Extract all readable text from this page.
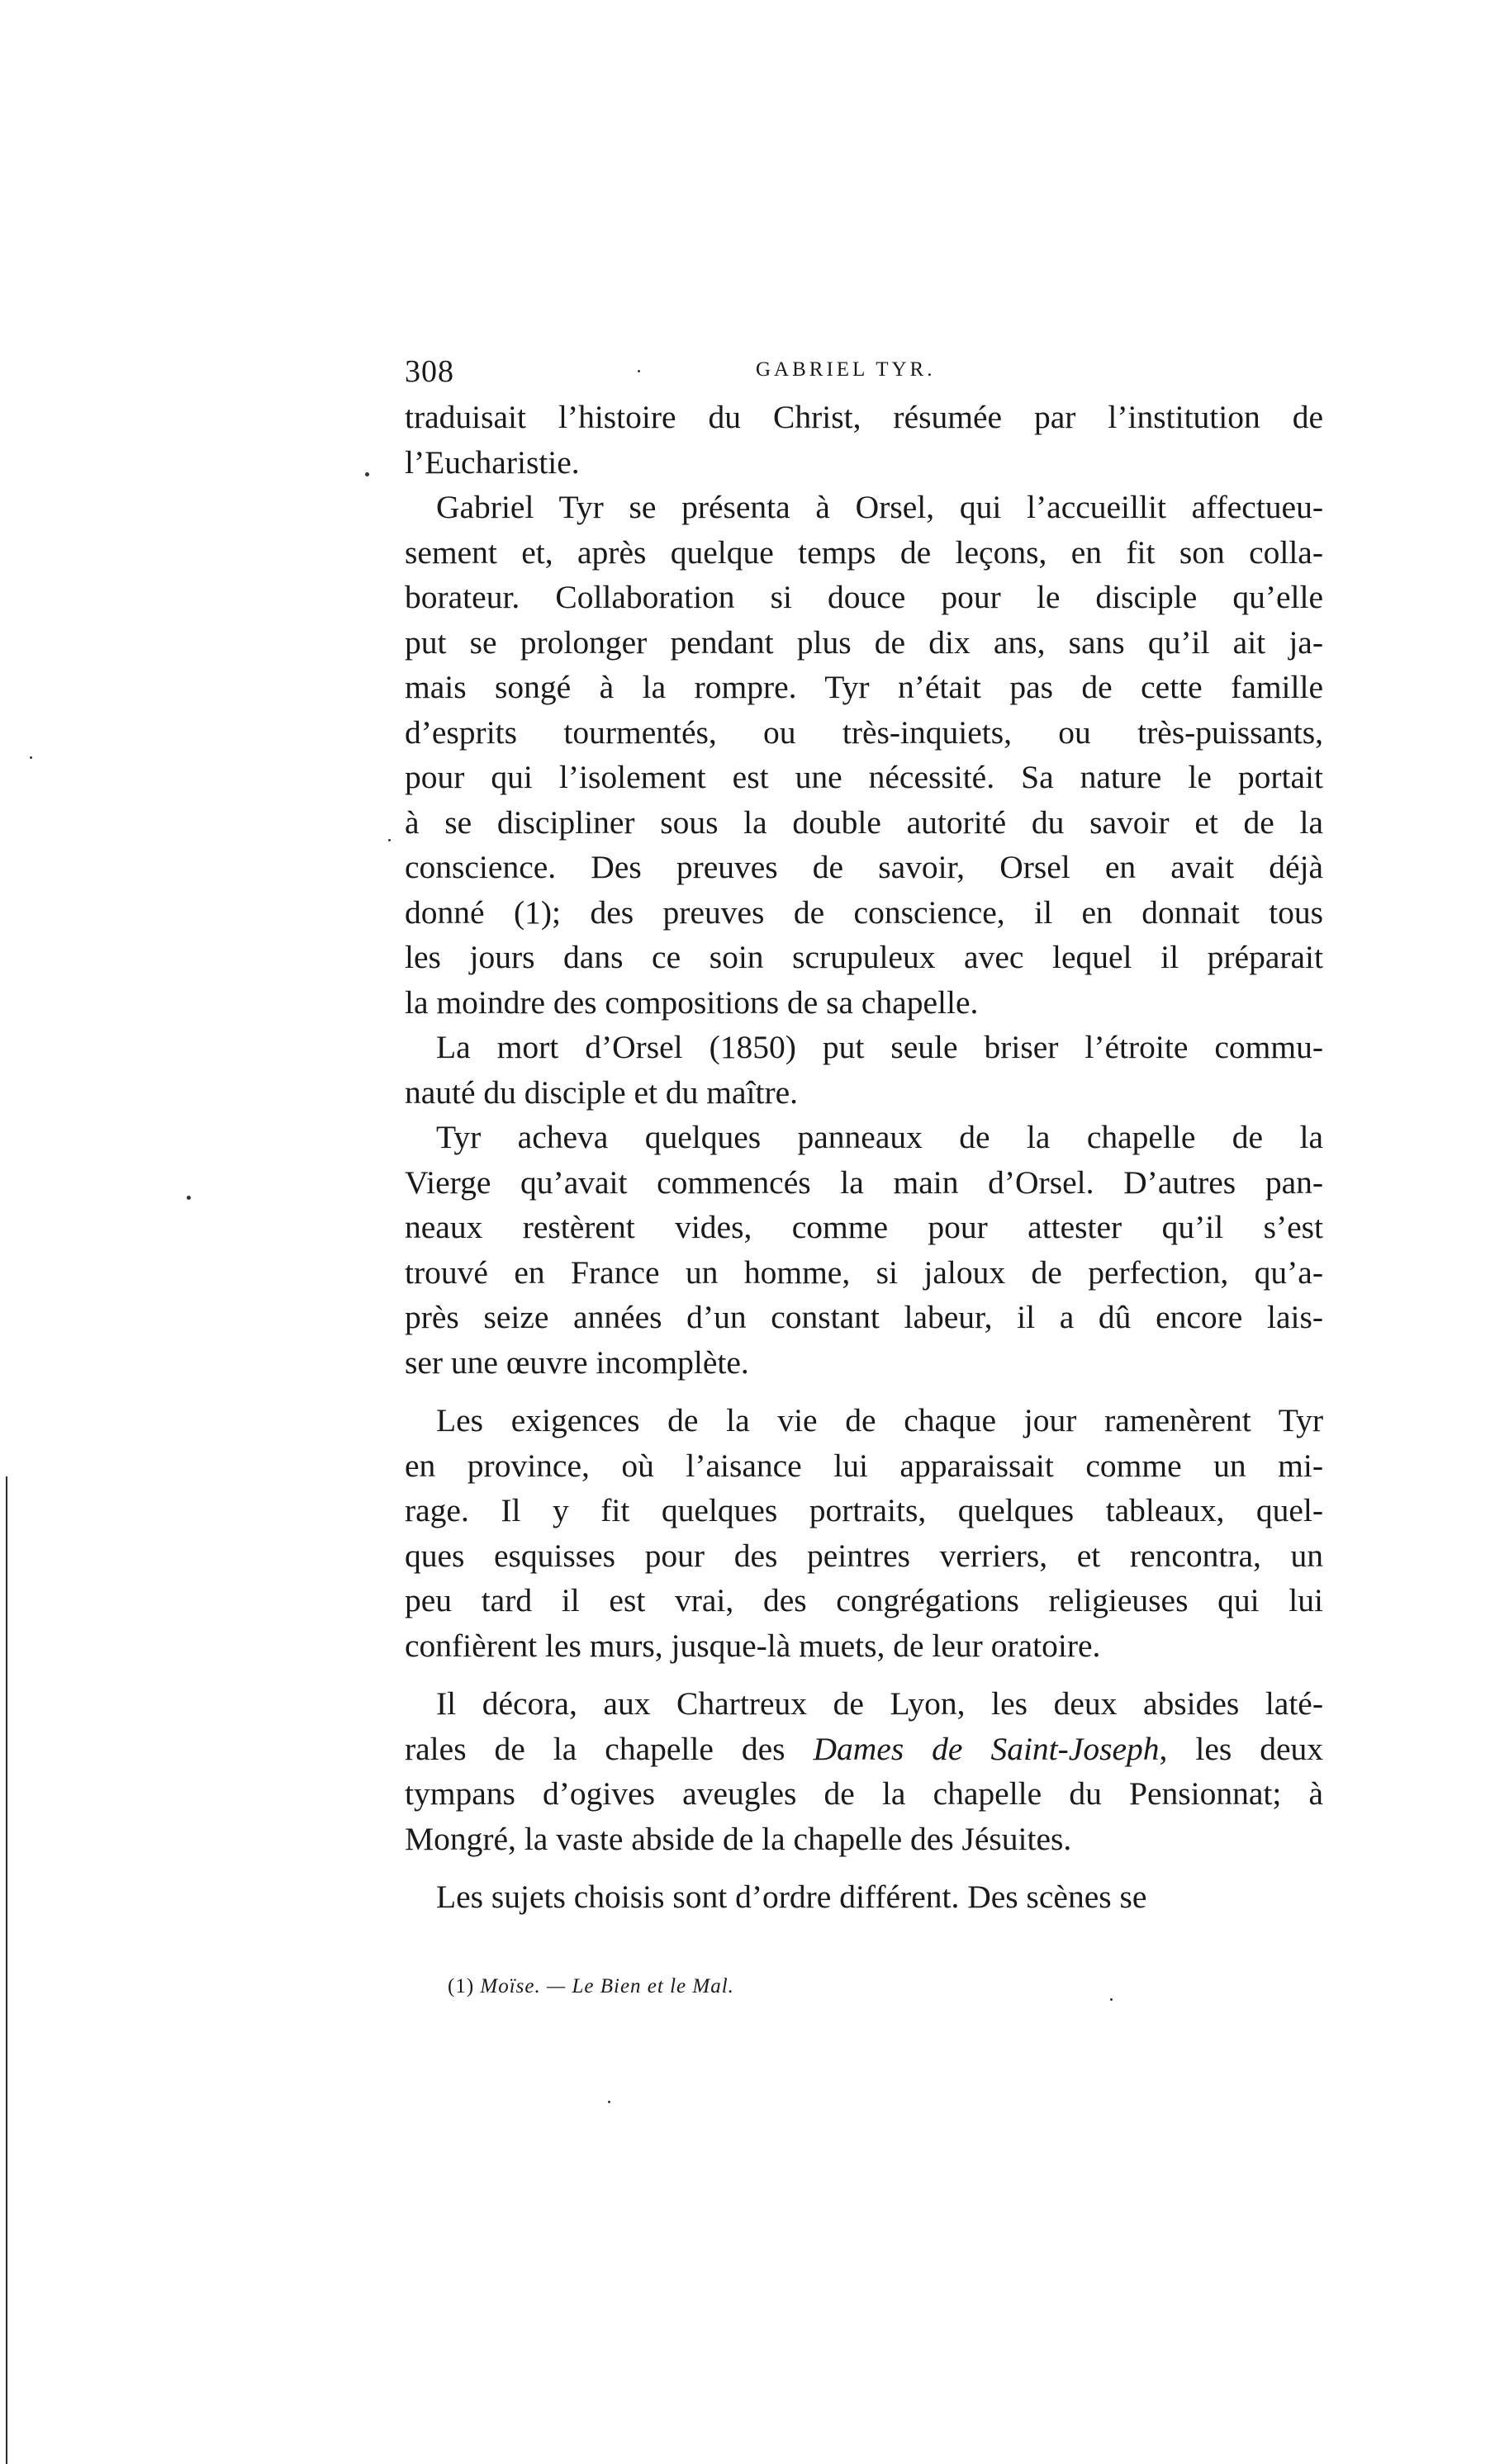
308	GABRIEL TYR.
traduisait l’histoire du Christ, résumée par l’institution de
l’Eucharistie.
Gabriel Tyr se présenta à Orsel, qui l’accueillit affectueu-
sement et, après quelque temps de leçons, en fit son colla-
borateur. Collaboration si douce pour le disciple qu’elle
put se prolonger pendant plus de dix ans, sans qu’il ait ja-
mais songé à la rompre. Tyr n’était pas de cette famille
d’esprits tourmentés, ou très-inquiets, ou très-puissants,
pour qui l’isolement est une nécessité. Sa nature le portait
à se discipliner sous la double autorité du savoir et de la
conscience. Des preuves de savoir, Orsel en avait déjà
donné (1); des preuves de conscience, il en donnait tous
les jours dans ce soin scrupuleux avec lequel il préparait
la moindre des compositions de sa chapelle.
La mort d’Orsel (1850) put seule briser l’étroite commu-
nauté du disciple et du maître.
Tyr acheva quelques panneaux de la chapelle de la
Vierge qu’avait commencés la main d’Orsel. D’autres pan-
neaux restèrent vides, comme pour attester qu’il s’est
trouvé en France un homme, si jaloux de perfection, qu’a-
près seize années d’un constant labeur, il a dû encore lais-
ser une œuvre incomplète.
Les exigences de la vie de chaque jour ramenèrent Tyr
en province, où l’aisance lui apparaissait comme un mi-
rage. Il y fit quelques portraits, quelques tableaux, quel-
ques esquisses pour des peintres verriers, et rencontra, un
peu tard il est vrai, des congrégations religieuses qui lui
confièrent les murs, jusque-là muets, de leur oratoire.
Il décora, aux Chartreux de Lyon, les deux absides laté-
rales de la chapelle des Dames de Saint-Joseph, les deux
tympans d’ogives aveugles de la chapelle du Pensionnat; à
Mongré, la vaste abside de la chapelle des Jésuites.
Les sujets choisis sont d’ordre différent. Des scènes se
(1) Moïse. — Le Bien et le Mal.
